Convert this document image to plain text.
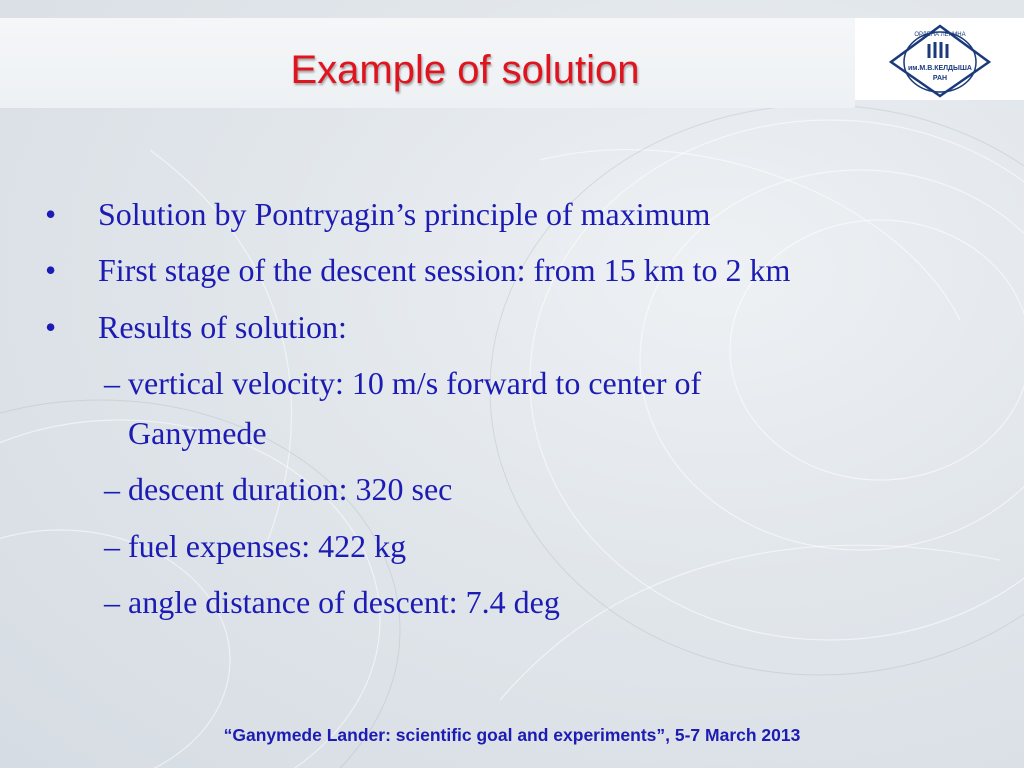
Example of solution
ОРДЕНА ЛЕНИНА
им.М.В.КЕЛДЫША
РАН
• Solution by Pontryagin’s principle of maximum
• First stage of the descent session: from 15 km to 2 km
• Results of solution:
– vertical velocity: 10 m/s forward to center of
Ganymede
– descent duration: 320 sec
– fuel expenses: 422 kg
– angle distance of descent: 7.4 deg
“Ganymede Lander: scientific goal and experiments”, 5-7 March 2013
